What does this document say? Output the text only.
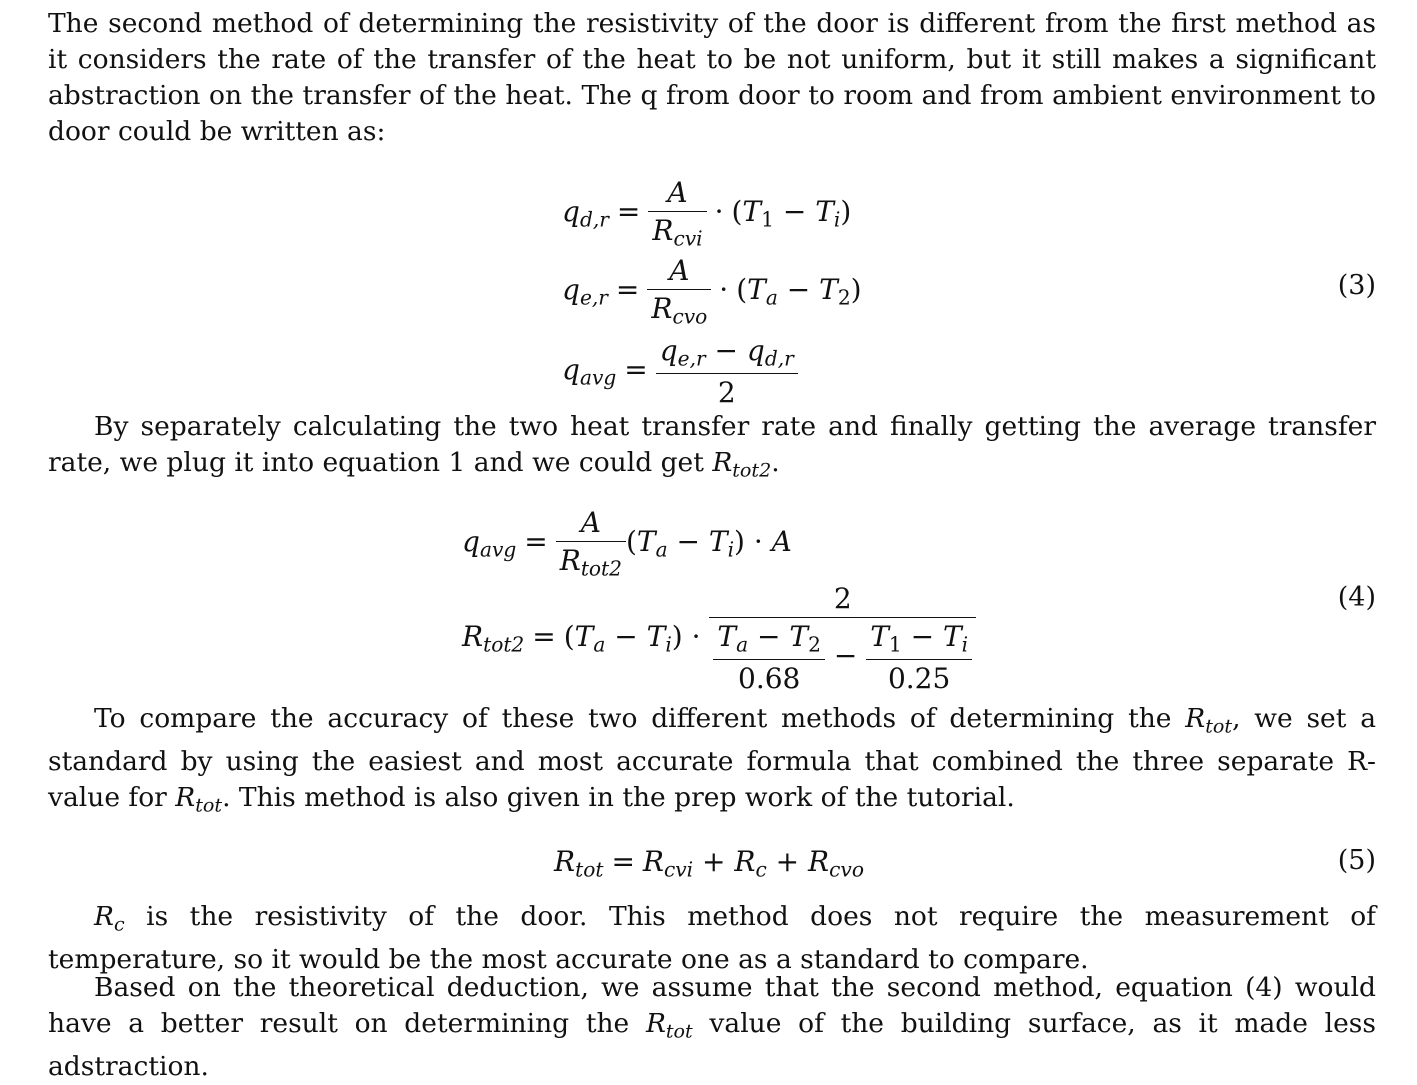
The second method of determining the resistivity of the door is different from the first method as it considers the rate of the transfer of the heat to be not uniform, but it still makes a significant abstraction on the transfer of the heat. The q from door to room and from ambient environment to door could be written as:

$q_{d,r} = \frac{A}{R_{cvi}} \cdot (T_1 - T_i)$
$q_{e,r} = \frac{A}{R_{cvo}} \cdot (T_a - T_2)$
$q_{avg} = \frac{q_{e,r} - q_{d,r}}{2}$
(3)

By separately calculating the two heat transfer rate and finally getting the average transfer rate, we plug it into equation 1 and we could get $R_{tot2}$.

$q_{avg} = \frac{A}{R_{tot2}} (T_a - T_i) \cdot A$
$R_{tot2} = (T_a - T_i) \cdot \frac{2}{\frac{T_a - T_2}{0.68} - \frac{T_1 - T_i}{0.25}}$	(4)

To compare the accuracy of these two different methods of determining the $R_{tot}$, we set a standard by using the easiest and most accurate formula that combined the three separate R-value for $R_{tot}$. This method is also given in the prep work of the tutorial.

$R_{tot} = R_{cvi} + R_c + R_{cvo}$	(5)

$R_c$ is the resistivity of the door. This method does not require the measurement of temperature, so it would be the most accurate one as a standard to compare.

Based on the theoretical deduction, we assume that the second method, equation (4) would have a better result on determining the $R_{tot}$ value of the building surface, as it made less adstraction.
